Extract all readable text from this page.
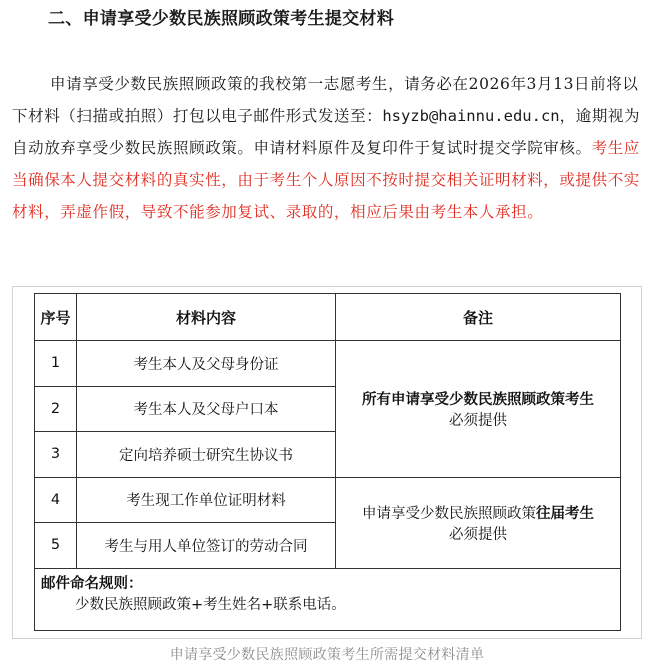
二、申请享受少数民族照顾政策考生提交材料

申请享受少数民族照顾政策的我校第一志愿考生，请务必在2026年3月13日前将以下材料（扫描或拍照）打包以电子邮件形式发送至：hsyzb@hainnu.edu.cn，逾期视为自动放弃享受少数民族照顾政策。申请材料原件及复印件于复试时提交学院审核。考生应当确保本人提交材料的真实性，由于考生个人原因不按时提交相关证明材料，或提供不实材料，弄虚作假，导致不能参加复试、录取的，相应后果由考生本人承担。

序号	材料内容	备注
1	考生本人及父母身份证	所有申请享受少数民族照顾政策考生
必须提供

2	考生本人及父母户口本	
3	定向培养硕士研究生协议书	
4	考生现工作单位证明材料	申请享受少数民族照顾政策往届考生
必须提供

5	考生与用人单位签订的劳动合同	

邮件命名规则：
少数民族照顾政策+考生姓名+联系电话。		
申请享受少数民族照顾政策考生所需提交材料清单
